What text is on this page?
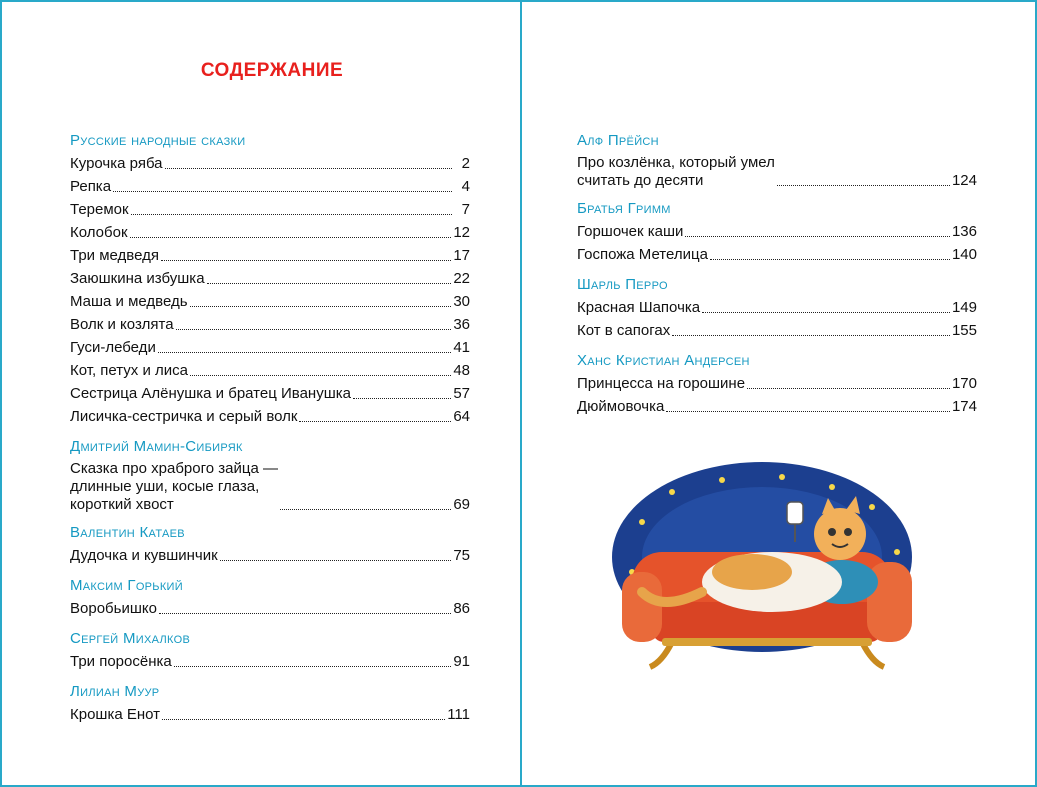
СОДЕРЖАНИЕ
Русские народные сказки
Курочка ряба	2
Репка	4
Теремок	7
Колобок	12
Три медведя	17
Заюшкина избушка	22
Маша и медведь	30
Волк и козлята	36
Гуси-лебеди	41
Кот, петух и лиса	48
Сестрица Алёнушка и братец Иванушка	57
Лисичка-сестричка и серый волк	64
Дмитрий Мамин-Сибиряк
Сказка про храброго зайца —
длинные уши, косые глаза,
короткий хвост	69
Валентин Катаев
Дудочка и кувшинчик	75
Максим Горький
Воробьишко	86
Сергей Михалков
Три поросёнка	91
Лилиан Муур
Крошка Енот	111
Алф Прёйсн
Про козлёнка, который умел
считать до десяти	124
Братья Гримм
Горшочек каши	136
Госпожа Метелица	140
Шарль Перро
Красная Шапочка	149
Кот в сапогах	155
Ханс Кристиан Андерсен
Принцесса на горошине	170
Дюймовочка	174
